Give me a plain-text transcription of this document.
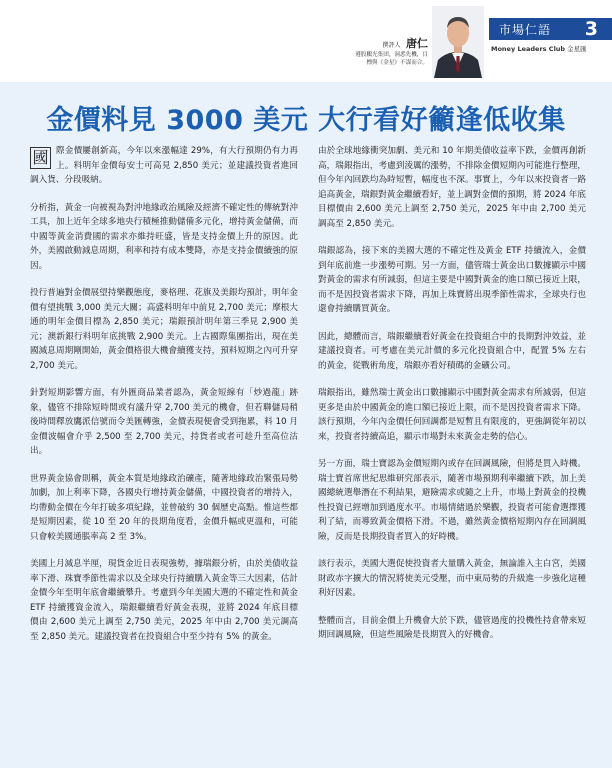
撰評人 唐仁
遵股鵬光集团，洞悉先機，目
標與《金星》不謀而合。
市場仁語 3
Money Leaders Club 金星匯
金價料見 3000 美元 大行看好籲逢低收集

國 際金價屢創新高，今年以來漲幅達 29%，有大行預期仍有力再上。料明年金價每安士可高見 2,850 美元；並建議投資者進回調入貨、分段吸納。

分析指，黃金一向被視為對沖地緣政治風險及經濟不確定性的傳統對沖工具，加上近年全球多地央行積極推動儲備多元化，增持黃金儲備，而中國等黃金消費國的需求亦維持旺盛，皆是支持金價上升的原因。此外，美國啟動減息周期，利率和持有成本雙降，亦是支持金價續強的原因。

投行普遍對金價展望持樂觀態度，麥格理、花旗及美銀均預計，明年金價有望挑戰 3,000 美元大關；高盛料明年中前見 2,700 美元；摩根大通的明年金價目標為 2,850 美元；瑞銀預計明年第三季見 2,900 美元；澳新銀行料明年底挑戰 2,900 美元。上古國際集團指出，現在美國減息周期剛開始，黃金價格很大機會續獲支持，預料短期之內可升穿 2,700 美元。

針對短期影響方面，有外匯商品業者認為，黃金短線有「炒過龍」跡象，儘管不排除短時間或有議升穿 2,700 美元的機會，但若聯儲局稍後時間釋放鷹派信號而令美匯轉強，金價表現便會受到拖累，料 10 月金價波幅會介乎 2,500 至 2,700 美元，持貨者或者可趁升至高位沽出。

世界黃金協會則稱，黃金本質是地緣政治礦產，隨著地緣政治緊張局勢加劇，加上利率下降，各國央行增持黃金儲備，中國投資者的增持入，均帶動金價在今年打破多項紀錄，並曾破約 30 個歷史高點。惟這些都是短期因素，從 10 至 20 年的長期角度看，金價升幅或更溫和，可能只會較美國通脹率高 2 至 3%。

美國上月減息半厘，現貨金近日表現強勢，據瑞銀分析，由於美債收益率下滑、珠寶季節性需求以及全球央行持續購入黃金等三大因素，估計金價今年至明年底會繼續攀升。考慮到今年美國大選的不確定性和黃金 ETF 持續獲資金流入，瑞銀繼續看好黃金表現，並將 2024 年底目標價由 2,600 美元上調至 2,750 美元，2025 年中由 2,700 美元調高至 2,850 美元。建議投資者在投資組合中至少持有 5% 的黃金。

由於全球地緣衝突加劇、美元和 10 年期美債收益率下跌，金價再創新高，瑞銀指出，考慮到淩厲的漲勢，不排除金價短期內可能進行整理，但今年內回跌均為時短暫，幅度也不深。事實上，今年以來投資者一路追高黃金，瑞銀對黃金繼續看好，並上調對金價的預期，將 2024 年底目標價由 2,600 美元上調至 2,750 美元，2025 年中由 2,700 美元調高至 2,850 美元。

瑞銀認為，接下來的美國大選的不確定性及黃金 ETF 持續流入，金價到年底前進一步漲勢可期。另一方面，儘管瑞士黃金出口數據顯示中國對黃金的需求有所減弱，但這主要是中國對黃金的進口額已接近上限，而不是因投資者需求下降，再加上珠寶將出現季節性需求，全球央行也還會持續購買黃金。

因此，總體而言，瑞銀繼續看好黃金在投資組合中的長期對沖效益，並建議投資者。可考慮在美元計價的多元化投資組合中，配置 5% 左右的黃金，從戰術角度，瑞銀亦看好積碼的金礦公司。

瑞銀指出，雖然瑞士黃金出口數據顯示中國對黃金需求有所減弱，但這更多是由於中國黃金的進口額已接近上限，而不是因投資者需求下降。該行預期，今年內金價任何回調都是短暫且有限度的，更強調從年初以來，投資者持續高追，顯示市場對未來黃金走勢的信心。

另一方面，瑞士寶認為金價短期內或存在回調風險，但將是買入時機。瑞士寶首席世紀思維研究部表示，隨著市場預期利率繼續下跌，加上美國總統選舉潛在不利結果，避險需求或隨之上升，市場上對黃金的投機性投資已經增加到過度水平。市場情緒過於樂觀，投資者可能會選擇獲利了結，而導致黃金價格下滑。不過，雖然黃金價格短期內存在回調風險，反而是長期投資者買入的好時機。

該行表示，美國大選促使投資者大量購入黃金，無論誰入主白宮，美國財政赤字擴大的情況將使美元受壓，而中東局勢的升級進一步強化這種利好因素。

整體而言，目前金價上升機會大於下跌，儘管過度的投機性持倉帶來短期回調風險，但這些風險是長期買入的好機會。
